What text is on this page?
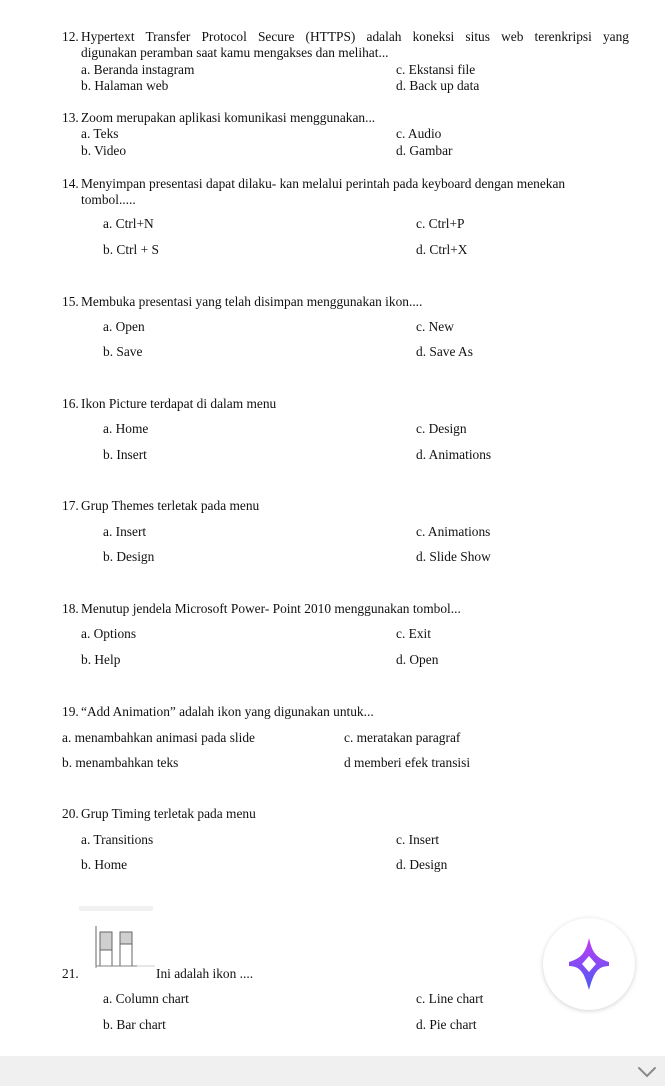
12. Hypertext Transfer Protocol Secure (HTTPS) adalah koneksi situs web terenkripsi yang
digunakan peramban saat kamu mengakses dan melihat...
a. Beranda instagram
b. Halaman web
c. Ekstansi file
d. Back up data
13. Zoom merupakan aplikasi komunikasi menggunakan...
a. Teks
b. Video
c. Audio
d. Gambar
14. Menyimpan presentasi dapat dilaku- kan melalui perintah pada keyboard dengan menekan
tombol.....
a. Ctrl+N
b. Ctrl + S
c. Ctrl+P
d. Ctrl+X
15. Membuka presentasi yang telah disimpan menggunakan ikon....
a. Open
b. Save
c. New
d. Save As
16. Ikon Picture terdapat di dalam menu
a. Home
b. Insert
c. Design
d. Animations
17. Grup Themes terletak pada menu
a. Insert
b. Design
c. Animations
d. Slide Show
18. Menutup jendela Microsoft Power- Point 2010 menggunakan tombol...
a. Options
b. Help
c. Exit
d. Open
19. “Add Animation” adalah ikon yang digunakan untuk...
a. menambahkan animasi pada slide
b. menambahkan teks
c. meratakan paragraf
d memberi efek transisi
20. Grup Timing terletak pada menu
a. Transitions
b. Home
c. Insert
d. Design
21.	Ini adalah ikon ....
a. Column chart
b. Bar chart
c. Line chart
d. Pie chart
